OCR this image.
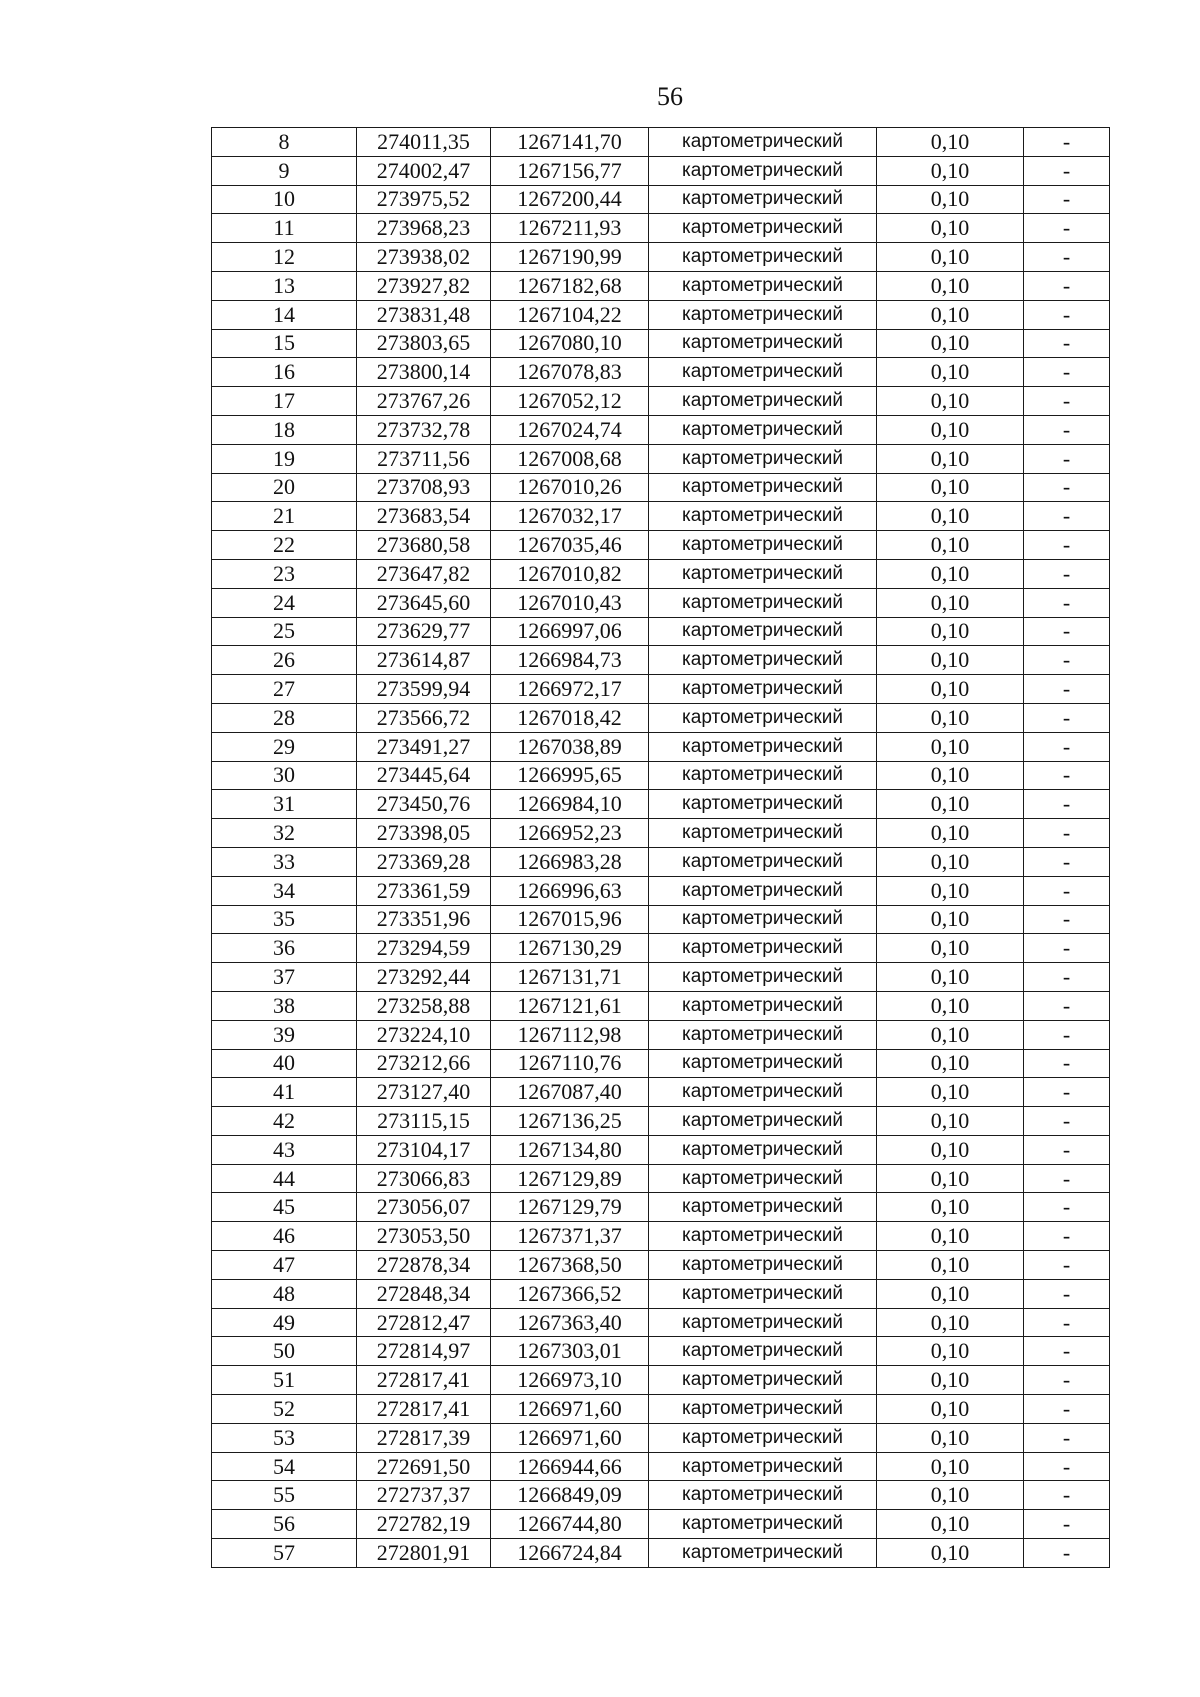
56
8	274011,35	1267141,70	картометрический	0,10	-
9	274002,47	1267156,77	картометрический	0,10	-
10	273975,52	1267200,44	картометрический	0,10	-
11	273968,23	1267211,93	картометрический	0,10	-
12	273938,02	1267190,99	картометрический	0,10	-
13	273927,82	1267182,68	картометрический	0,10	-
14	273831,48	1267104,22	картометрический	0,10	-
15	273803,65	1267080,10	картометрический	0,10	-
16	273800,14	1267078,83	картометрический	0,10	-
17	273767,26	1267052,12	картометрический	0,10	-
18	273732,78	1267024,74	картометрический	0,10	-
19	273711,56	1267008,68	картометрический	0,10	-
20	273708,93	1267010,26	картометрический	0,10	-
21	273683,54	1267032,17	картометрический	0,10	-
22	273680,58	1267035,46	картометрический	0,10	-
23	273647,82	1267010,82	картометрический	0,10	-
24	273645,60	1267010,43	картометрический	0,10	-
25	273629,77	1266997,06	картометрический	0,10	-
26	273614,87	1266984,73	картометрический	0,10	-
27	273599,94	1266972,17	картометрический	0,10	-
28	273566,72	1267018,42	картометрический	0,10	-
29	273491,27	1267038,89	картометрический	0,10	-
30	273445,64	1266995,65	картометрический	0,10	-
31	273450,76	1266984,10	картометрический	0,10	-
32	273398,05	1266952,23	картометрический	0,10	-
33	273369,28	1266983,28	картометрический	0,10	-
34	273361,59	1266996,63	картометрический	0,10	-
35	273351,96	1267015,96	картометрический	0,10	-
36	273294,59	1267130,29	картометрический	0,10	-
37	273292,44	1267131,71	картометрический	0,10	-
38	273258,88	1267121,61	картометрический	0,10	-
39	273224,10	1267112,98	картометрический	0,10	-
40	273212,66	1267110,76	картометрический	0,10	-
41	273127,40	1267087,40	картометрический	0,10	-
42	273115,15	1267136,25	картометрический	0,10	-
43	273104,17	1267134,80	картометрический	0,10	-
44	273066,83	1267129,89	картометрический	0,10	-
45	273056,07	1267129,79	картометрический	0,10	-
46	273053,50	1267371,37	картометрический	0,10	-
47	272878,34	1267368,50	картометрический	0,10	-
48	272848,34	1267366,52	картометрический	0,10	-
49	272812,47	1267363,40	картометрический	0,10	-
50	272814,97	1267303,01	картометрический	0,10	-
51	272817,41	1266973,10	картометрический	0,10	-
52	272817,41	1266971,60	картометрический	0,10	-
53	272817,39	1266971,60	картометрический	0,10	-
54	272691,50	1266944,66	картометрический	0,10	-
55	272737,37	1266849,09	картометрический	0,10	-
56	272782,19	1266744,80	картометрический	0,10	-
57	272801,91	1266724,84	картометрический	0,10	-
